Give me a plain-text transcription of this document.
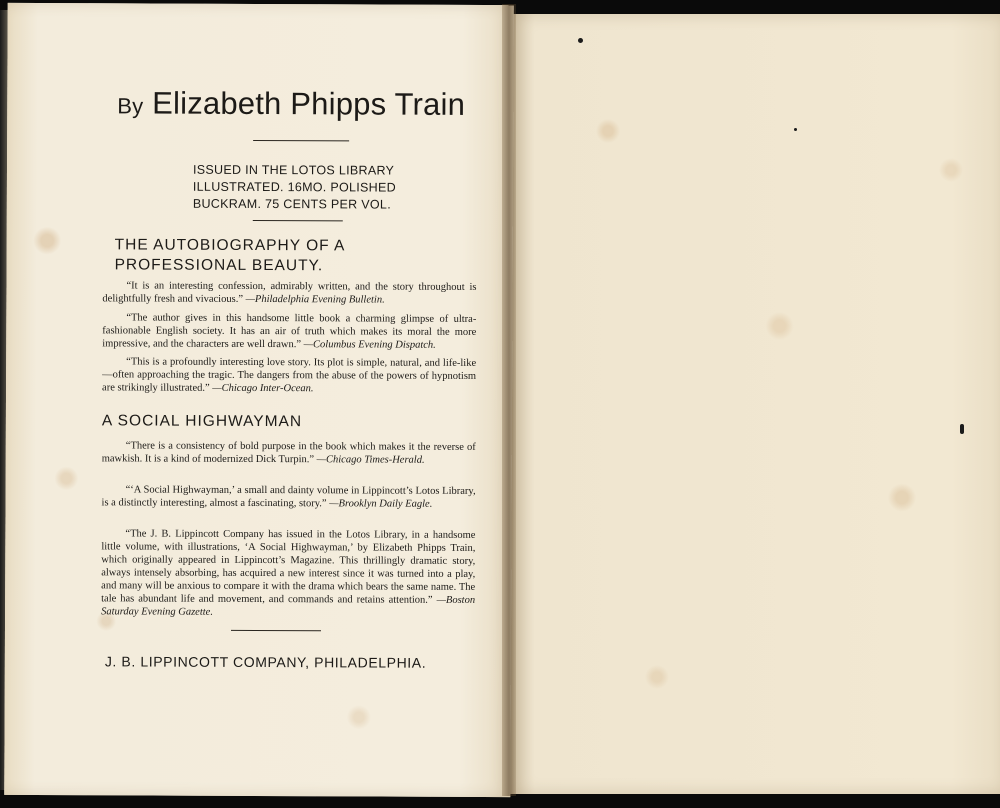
By Elizabeth Phipps Train
ISSUED IN THE LOTOS LIBRARY ILLUSTRATED. 16MO. POLISHED BUCKRAM. 75 CENTS PER VOL.
THE AUTOBIOGRAPHY OF A PROFESSIONAL BEAUTY.
“It is an interesting confession, admirably written, and the story throughout is delightfully fresh and vivacious.” —Philadelphia Evening Bulletin.
“The author gives in this handsome little book a charming glimpse of ultra-fashionable English society. It has an air of truth which makes its moral the more impressive, and the characters are well drawn.” —Columbus Evening Dispatch.
“This is a profoundly interesting love story. Its plot is simple, natural, and life-like—often approaching the tragic. The dangers from the abuse of the powers of hypnotism are strikingly illustrated.” —Chicago Inter-Ocean.
A SOCIAL HIGHWAYMAN
“There is a consistency of bold purpose in the book which makes it the reverse of mawkish. It is a kind of modernized Dick Turpin.” —Chicago Times-Herald.
“‘A Social Highwayman,’ a small and dainty volume in Lippincott’s Lotos Library, is a distinctly interesting, almost a fascinating, story.” —Brooklyn Daily Eagle.
“The J. B. Lippincott Company has issued in the Lotos Library, in a handsome little volume, with illustrations, ‘A Social Highwayman,’ by Elizabeth Phipps Train, which originally appeared in Lippincott’s Magazine. This thrillingly dramatic story, always intensely absorbing, has acquired a new interest since it was turned into a play, and many will be anxious to compare it with the drama which bears the same name. The tale has abundant life and movement, and commands and retains attention.” —Boston Saturday Evening Gazette.
J. B. LIPPINCOTT COMPANY, PHILADELPHIA.
